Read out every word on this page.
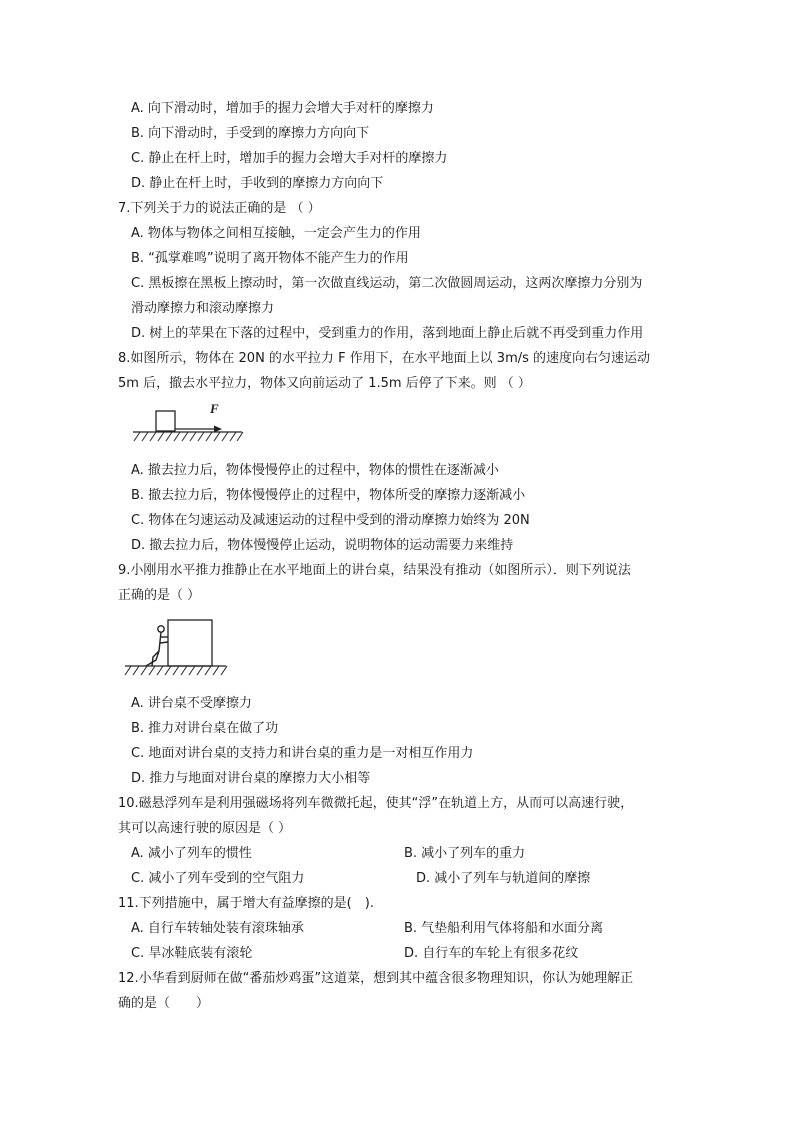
A. 向下滑动时，增加手的握力会增大手对杆的摩擦力
B. 向下滑动时，手受到的摩擦力方向向下
C. 静止在杆上时，增加手的握力会增大手对杆的摩擦力
D. 静止在杆上时，手收到的摩擦力方向向下
7.下列关于力的说法正确的是 （ ）
A. 物体与物体之间相互接触，一定会产生力的作用
B. “孤掌难鸣”说明了离开物体不能产生力的作用
C. 黑板擦在黑板上擦动时，第一次做直线运动，第二次做圆周运动，这两次摩擦力分别为
滑动摩擦力和滚动摩擦力
D. 树上的苹果在下落的过程中，受到重力的作用，落到地面上静止后就不再受到重力作用
8.如图所示，物体在 20N 的水平拉力 F 作用下，在水平地面上以 3m/s 的速度向右匀速运动
5m 后，撤去水平拉力，物体又向前运动了 1.5m 后停了下来。则 （ ）
F
A. 撤去拉力后，物体慢慢停止的过程中，物体的惯性在逐渐减小
B. 撤去拉力后，物体慢慢停止的过程中，物体所受的摩擦力逐渐减小
C. 物体在匀速运动及减速运动的过程中受到的滑动摩擦力始终为 20N
D. 撤去拉力后，物体慢慢停止运动，说明物体的运动需要力来维持
9.小刚用水平推力推静止在水平地面上的讲台桌，结果没有推动（如图所示）．则下列说法
正确的是（ ）
A. 讲台桌不受摩擦力
B. 推力对讲台桌在做了功
C. 地面对讲台桌的支持力和讲台桌的重力是一对相互作用力
D. 推力与地面对讲台桌的摩擦力大小相等
10.磁悬浮列车是利用强磁场将列车微微托起，使其“浮”在轨道上方，从而可以高速行驶，
其可以高速行驶的原因是（ ）
A. 减小了列车的惯性	B. 减小了列车的重力
C. 减小了列车受到的空气阻力	D. 减小了列车与轨道间的摩擦
11.下列措施中，属于增大有益摩擦的是(　).
A. 自行车转轴处装有滚珠轴承	B. 气垫船利用气体将船和水面分离
C. 旱冰鞋底装有滚轮	D. 自行车的车轮上有很多花纹
12.小华看到厨师在做“番茄炒鸡蛋”这道菜，想到其中蕴含很多物理知识，你认为她理解正
确的是（　　）
